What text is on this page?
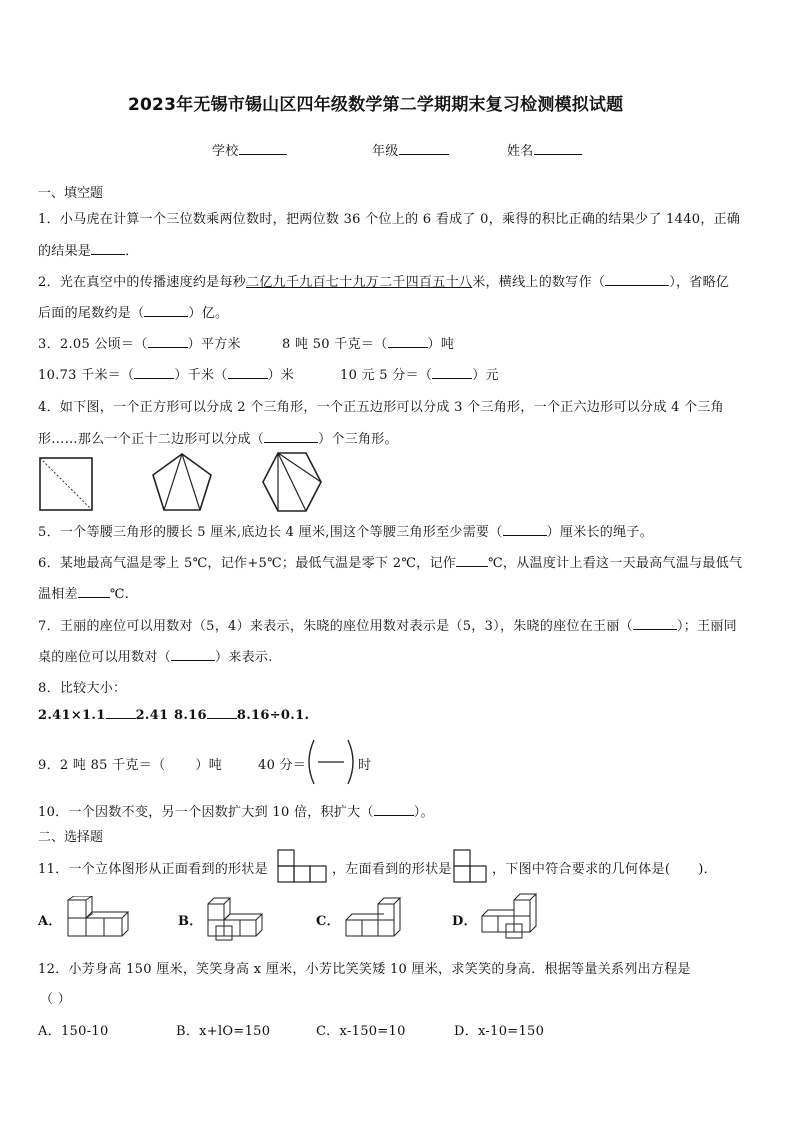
2023年无锡市锡山区四年级数学第二学期期末复习检测模拟试题
学校	年级	姓名
一、填空题
1．小马虎在计算一个三位数乘两位数时，把两位数 36 个位上的 6 看成了 0，乘得的积比正确的结果少了 1440，正确
的结果是	．
2．光在真空中的传播速度约是每秒二亿九千九百七十九万二千四百五十八米，横线上的数写作（	），省略亿
后面的尾数约是（	）亿。
3．2.05 公顷＝（	）平方米	8 吨 50 千克＝（	）吨
10.73 千米＝（	）千米（	）米	10 元 5 分＝（	）元
4．如下图，一个正方形可以分成 2 个三角形，一个正五边形可以分成 3 个三角形，一个正六边形可以分成 4 个三角
形……那么一个正十二边形可以分成（	）个三角形。
5．一个等腰三角形的腰长 5 厘米,底边长 4 厘米,围这个等腰三角形至少需要（	）厘米长的绳子。
6．某地最高气温是零上 5℃，记作+5℃；最低气温是零下 2℃，记作 ℃，从温度计上看这一天最高气温与最低气
温相差 ℃.
7．王丽的座位可以用数对（5，4）来表示，朱晓的座位用数对表示是（5，3），朱晓的座位在王丽（	）；王丽同
桌的座位可以用数对（	）来表示.
8．比较大小：
2.41×1.1 2.41 8.16 8.16÷0.1.
9．2 吨 85 千克＝（ ）吨	40 分＝	时
10．一个因数不变，另一个因数扩大到 10 倍，积扩大（	）。
二、选择题
11．一个立体图形从正面看到的形状是	，左面看到的形状是	，下图中符合要求的几何体是( )．
A．	B．	C．	D．
12．小芳身高 150 厘米，笑笑身高 x 厘米，小芳比笑笑矮 10 厘米，求笑笑的身高．根据等量关系列出方程是
（ ）
A．150-10	B．x+lO=150	C．x-150=10	D．x-10=150
